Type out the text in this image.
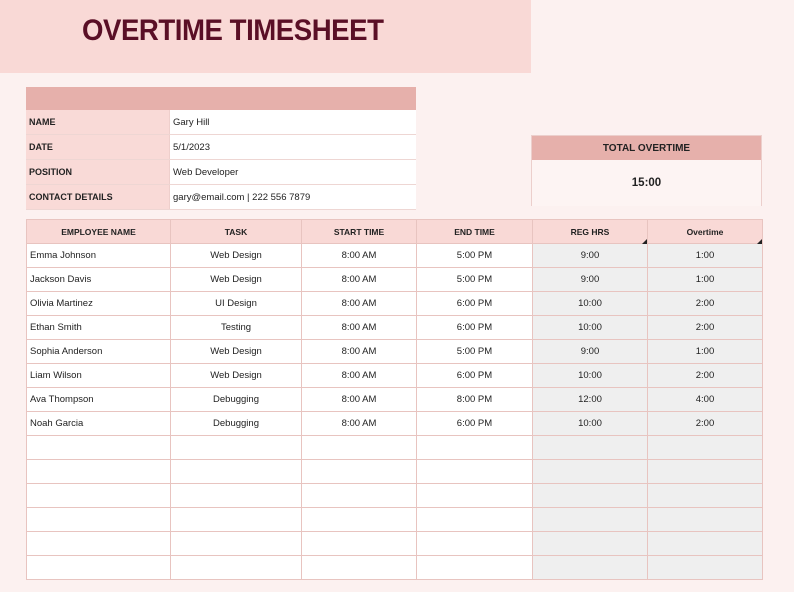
OVERTIME TIMESHEET
NAME	Gary Hill
DATE	5/1/2023
POSITION	Web Developer
CONTACT DETAILS	gary@email.com | 222 556 7879
TOTAL OVERTIME
15:00
EMPLOYEE NAME	TASK	START TIME	END TIME	REG HRS	Overtime

Emma Johnson	Web Design	8:00 AM	5:00 PM	9:00	1:00
Jackson Davis	Web Design	8:00 AM	5:00 PM	9:00	1:00
Olivia Martinez	UI Design	8:00 AM	6:00 PM	10:00	2:00
Ethan Smith	Testing	8:00 AM	6:00 PM	10:00	2:00
Sophia Anderson	Web Design	8:00 AM	5:00 PM	9:00	1:00
Liam Wilson	Web Design	8:00 AM	6:00 PM	10:00	2:00
Ava Thompson	Debugging	8:00 AM	8:00 PM	12:00	4:00
Noah Garcia	Debugging	8:00 AM	6:00 PM	10:00	2:00
